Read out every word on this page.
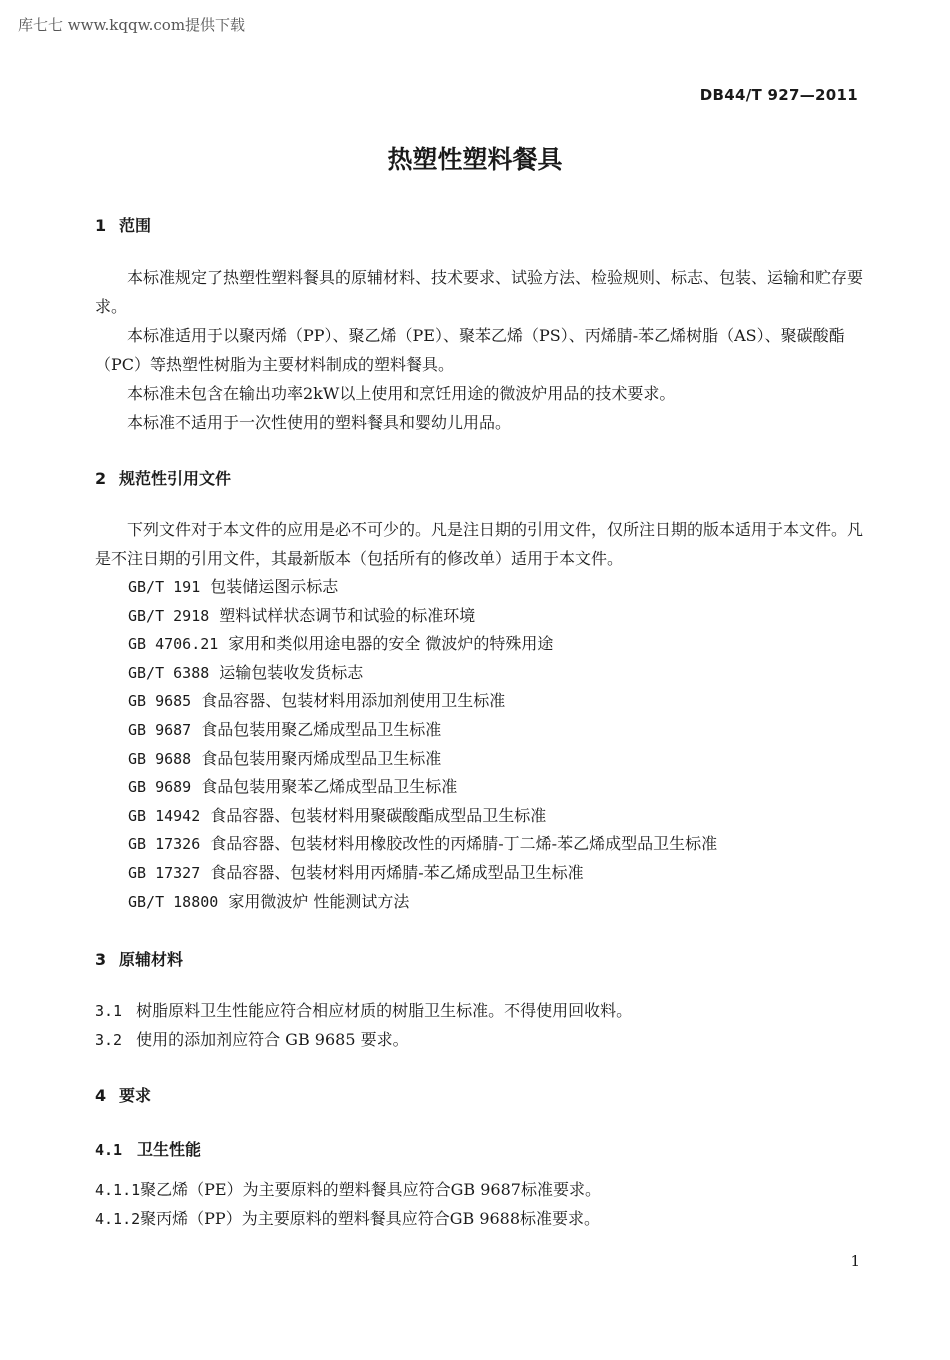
库七七 www.kqqw.com提供下载
DB44/T 927—2011
热塑性塑料餐具
1 范围

本标准规定了热塑性塑料餐具的原辅材料、技术要求、试验方法、检验规则、标志、包装、运输和贮存要求。

本标准适用于以聚丙烯（PP）、聚乙烯（PE）、聚苯乙烯（PS）、丙烯腈-苯乙烯树脂（AS）、聚碳酸酯（PC）等热塑性树脂为主要材料制成的塑料餐具。

本标准未包含在输出功率2kW以上使用和烹饪用途的微波炉用品的技术要求。

本标准不适用于一次性使用的塑料餐具和婴幼儿用品。

2 规范性引用文件

下列文件对于本文件的应用是必不可少的。凡是注日期的引用文件，仅所注日期的版本适用于本文件。凡是不注日期的引用文件，其最新版本（包括所有的修改单）适用于本文件。

GB/T 191 包装储运图示标志
GB/T 2918 塑料试样状态调节和试验的标准环境
GB 4706.21 家用和类似用途电器的安全 微波炉的特殊用途
GB/T 6388 运输包装收发货标志
GB 9685 食品容器、包装材料用添加剂使用卫生标准
GB 9687 食品包装用聚乙烯成型品卫生标准
GB 9688 食品包装用聚丙烯成型品卫生标准
GB 9689 食品包装用聚苯乙烯成型品卫生标准
GB 14942 食品容器、包装材料用聚碳酸酯成型品卫生标准
GB 17326 食品容器、包装材料用橡胶改性的丙烯腈-丁二烯-苯乙烯成型品卫生标准
GB 17327 食品容器、包装材料用丙烯腈-苯乙烯成型品卫生标准
GB/T 18800 家用微波炉 性能测试方法
3 原辅材料
3.1 树脂原料卫生性能应符合相应材质的树脂卫生标准。不得使用回收料。
3.2 使用的添加剂应符合 GB 9685 要求。
4 要求
4.1 卫生性能
4.1.1聚乙烯（PE）为主要原料的塑料餐具应符合GB 9687标准要求。
4.1.2聚丙烯（PP）为主要原料的塑料餐具应符合GB 9688标准要求。
1
